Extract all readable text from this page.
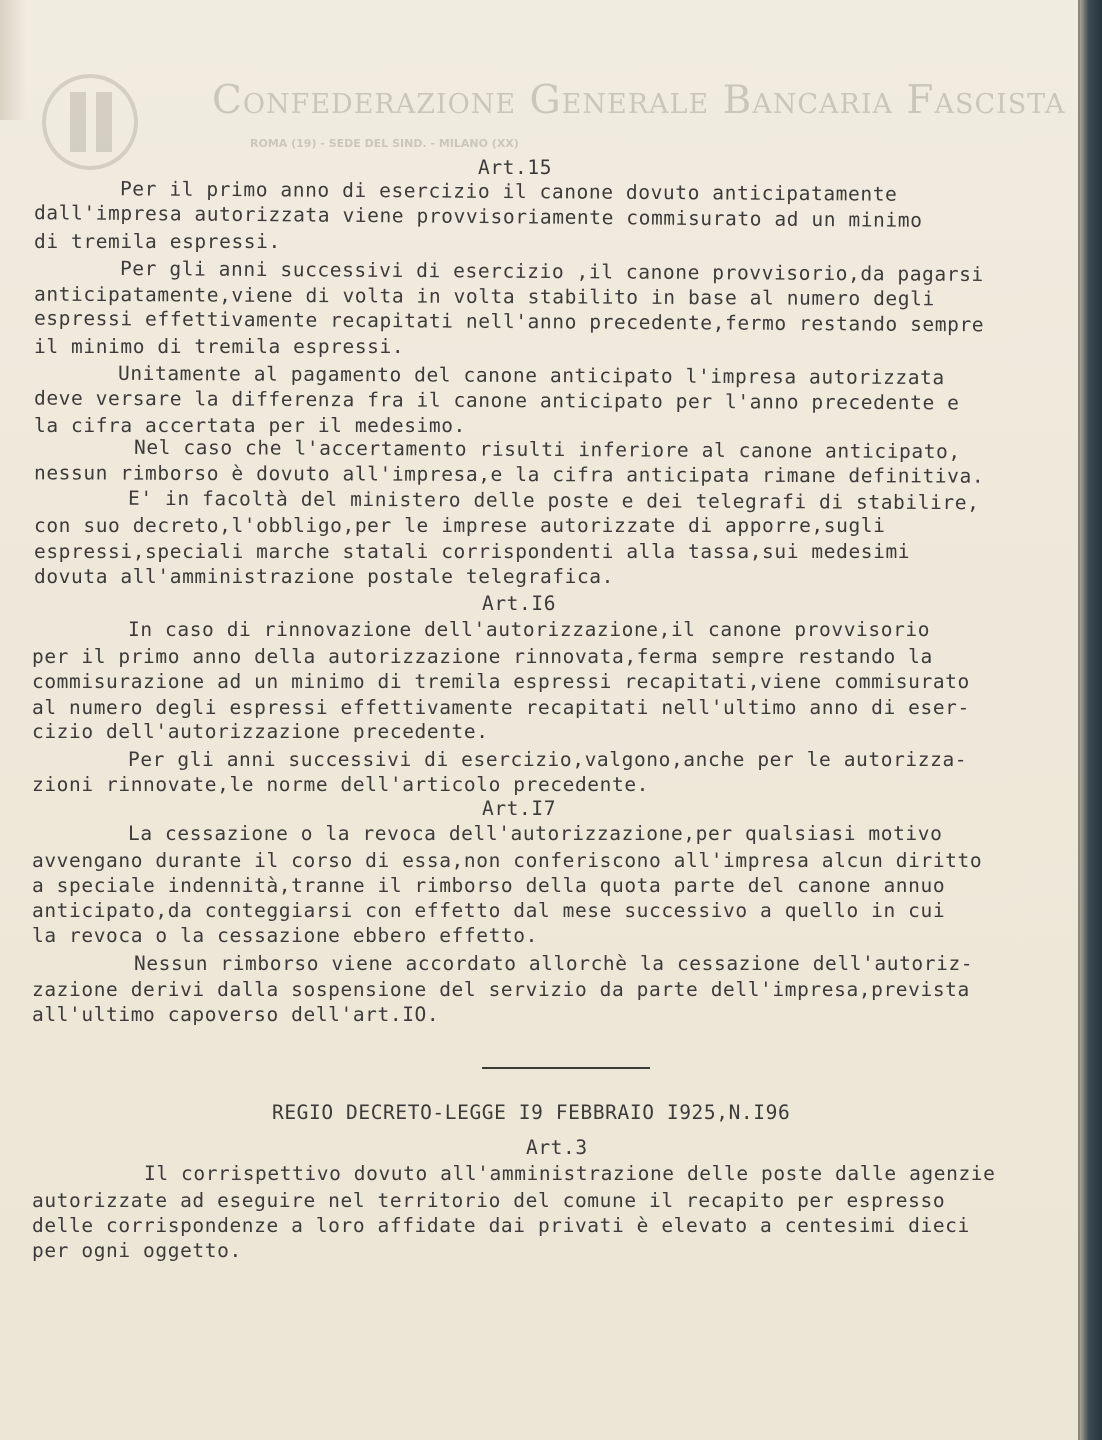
Confederazione Generale Bancaria Fascista
ROMA (19) - SEDE DEL SIND. - MILANO (XX)
Art.15
Per il primo anno di esercizio il canone dovuto anticipatamente
dall'impresa autorizzata viene provvisoriamente commisurato ad un minimo
di tremila espressi.
Per gli anni successivi di esercizio ,il canone provvisorio,da pagarsi
anticipatamente,viene di volta in volta stabilito in base al numero degli
espressi effettivamente recapitati nell'anno precedente,fermo restando sempre
il minimo di tremila espressi.
Unitamente al pagamento del canone anticipato l'impresa autorizzata
deve versare la differenza fra il canone anticipato per l'anno precedente e
la cifra accertata per il medesimo.
Nel caso che l'accertamento risulti inferiore al canone anticipato,
nessun rimborso è dovuto all'impresa,e la cifra anticipata rimane definitiva.
E' in facoltà del ministero delle poste e dei telegrafi di stabilire,
con suo decreto,l'obbligo,per le imprese autorizzate di apporre,sugli
espressi,speciali marche statali corrispondenti alla tassa,sui medesimi
dovuta all'amministrazione postale telegrafica.
Art.I6
In caso di rinnovazione dell'autorizzazione,il canone provvisorio
per il primo anno della autorizzazione rinnovata,ferma sempre restando la
commisurazione ad un minimo di tremila espressi recapitati,viene commisurato
al numero degli espressi effettivamente recapitati nell'ultimo anno di eser-
cizio dell'autorizzazione precedente.
Per gli anni successivi di esercizio,valgono,anche per le autorizza-
zioni rinnovate,le norme dell'articolo precedente.
Art.I7
La cessazione o la revoca dell'autorizzazione,per qualsiasi motivo
avvengano durante il corso di essa,non conferiscono all'impresa alcun diritto
a speciale indennità,tranne il rimborso della quota parte del canone annuo
anticipato,da conteggiarsi con effetto dal mese successivo a quello in cui
la revoca o la cessazione ebbero effetto.
Nessun rimborso viene accordato allorchè la cessazione dell'autoriz-
zazione derivi dalla sospensione del servizio da parte dell'impresa,prevista
all'ultimo capoverso dell'art.IO.
REGIO DECRETO-LEGGE I9 FEBBRAIO I925,N.I96
Art.3
Il corrispettivo dovuto all'amministrazione delle poste dalle agenzie
autorizzate ad eseguire nel territorio del comune il recapito per espresso
delle corrispondenze a loro affidate dai privati è elevato a centesimi dieci
per ogni oggetto.
